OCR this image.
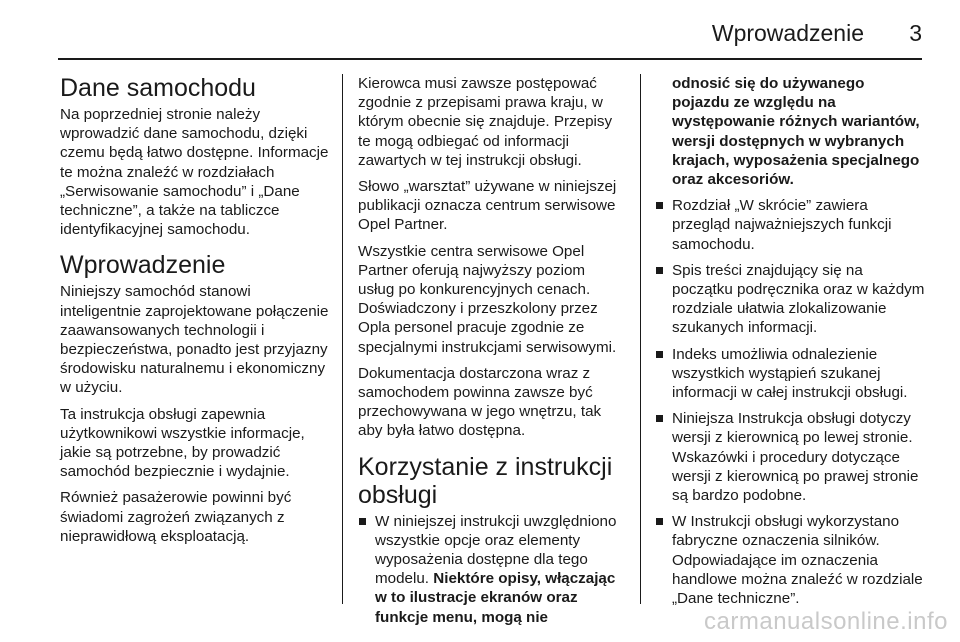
Wprowadzenie 3
Dane samochodu

Na poprzedniej stronie należy wprowadzić dane samochodu, dzięki czemu będą łatwo dostępne. Informacje te można znaleźć w rozdziałach „Serwisowanie samochodu” i „Dane techniczne”, a także na tabliczce identyfikacyjnej samochodu.

Wprowadzenie

Niniejszy samochód stanowi inteligentnie zaprojektowane połączenie zaawansowanych technologii i bezpieczeństwa, ponadto jest przyjazny środowisku naturalnemu i ekonomiczny w użyciu.

Ta instrukcja obsługi zapewnia użytkownikowi wszystkie informacje, jakie są potrzebne, by prowadzić samochód bezpiecznie i wydajnie.

Również pasażerowie powinni być świadomi zagrożeń związanych z nieprawidłową eksploatacją.

Kierowca musi zawsze postępować zgodnie z przepisami prawa kraju, w którym obecnie się znajduje. Przepisy te mogą odbiegać od informacji zawartych w tej instrukcji obsługi.

Słowo „warsztat” używane w niniejszej publikacji oznacza centrum serwisowe Opel Partner.

Wszystkie centra serwisowe Opel Partner oferują najwyższy poziom usług po konkurencyjnych cenach. Doświadczony i przeszkolony przez Opla personel pracuje zgodnie ze specjalnymi instrukcjami serwisowymi.

Dokumentacja dostarczona wraz z samochodem powinna zawsze być przechowywana w jego wnętrzu, tak aby była łatwo dostępna.

Korzystanie z instrukcji obsługi
W niniejszej instrukcji uwzględniono wszystkie opcje oraz elementy wyposażenia dostępne dla tego modelu. Niektóre opisy, włączając w to ilustracje ekranów oraz funkcje menu, mogą nie

odnosić się do używanego pojazdu ze względu na występowanie różnych wariantów, wersji dostępnych w wybranych krajach, wyposażenia specjalnego oraz akcesoriów.

Rozdział „W skrócie” zawiera przegląd najważniejszych funkcji samochodu.
Spis treści znajdujący się na początku podręcznika oraz w każdym rozdziale ułatwia zlokalizowanie szukanych informacji.
Indeks umożliwia odnalezienie wszystkich wystąpień szukanej informacji w całej instrukcji obsługi.
Niniejsza Instrukcja obsługi dotyczy wersji z kierownicą po lewej stronie. Wskazówki i procedury dotyczące wersji z kierownicą po prawej stronie są bardzo podobne.
W Instrukcji obsługi wykorzystano fabryczne oznaczenia silników. Odpowiadające im oznaczenia handlowe można znaleźć w rozdziale „Dane techniczne”.
carmanualsonline.info
